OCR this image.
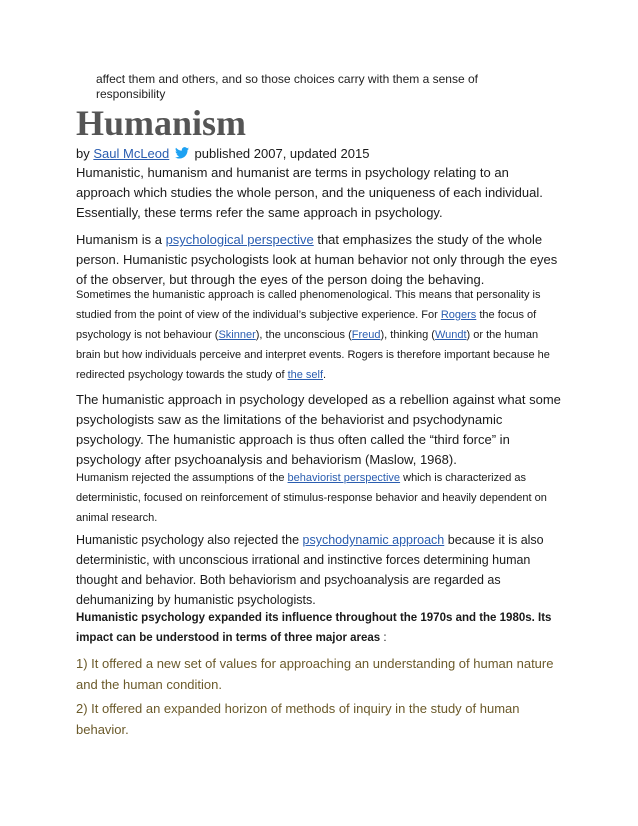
affect them and others, and so those choices carry with them a sense of responsibility
Humanism
by Saul McLeod published 2007, updated 2015

Humanistic, humanism and humanist are terms in psychology relating to an approach which studies the whole person, and the uniqueness of each individual. Essentially, these terms refer the same approach in psychology.

Humanism is a psychological perspective that emphasizes the study of the whole person. Humanistic psychologists look at human behavior not only through the eyes of the observer, but through the eyes of the person doing the behaving.

Sometimes the humanistic approach is called phenomenological. This means that personality is studied from the point of view of the individual’s subjective experience. For Rogers the focus of psychology is not behaviour (Skinner), the unconscious (Freud), thinking (Wundt) or the human brain but how individuals perceive and interpret events. Rogers is therefore important because he redirected psychology towards the study of the self.

The humanistic approach in psychology developed as a rebellion against what some psychologists saw as the limitations of the behaviorist and psychodynamic psychology. The humanistic approach is thus often called the “third force” in psychology after psychoanalysis and behaviorism (Maslow, 1968).

Humanism rejected the assumptions of the behaviorist perspective which is characterized as deterministic, focused on reinforcement of stimulus-response behavior and heavily dependent on animal research.

Humanistic psychology also rejected the psychodynamic approach because it is also deterministic, with unconscious irrational and instinctive forces determining human thought and behavior. Both behaviorism and psychoanalysis are regarded as dehumanizing by humanistic psychologists.

Humanistic psychology expanded its influence throughout the 1970s and the 1980s. Its impact can be understood in terms of three major areas :

1) It offered a new set of values for approaching an understanding of human nature and the human condition.

2) It offered an expanded horizon of methods of inquiry in the study of human behavior.
